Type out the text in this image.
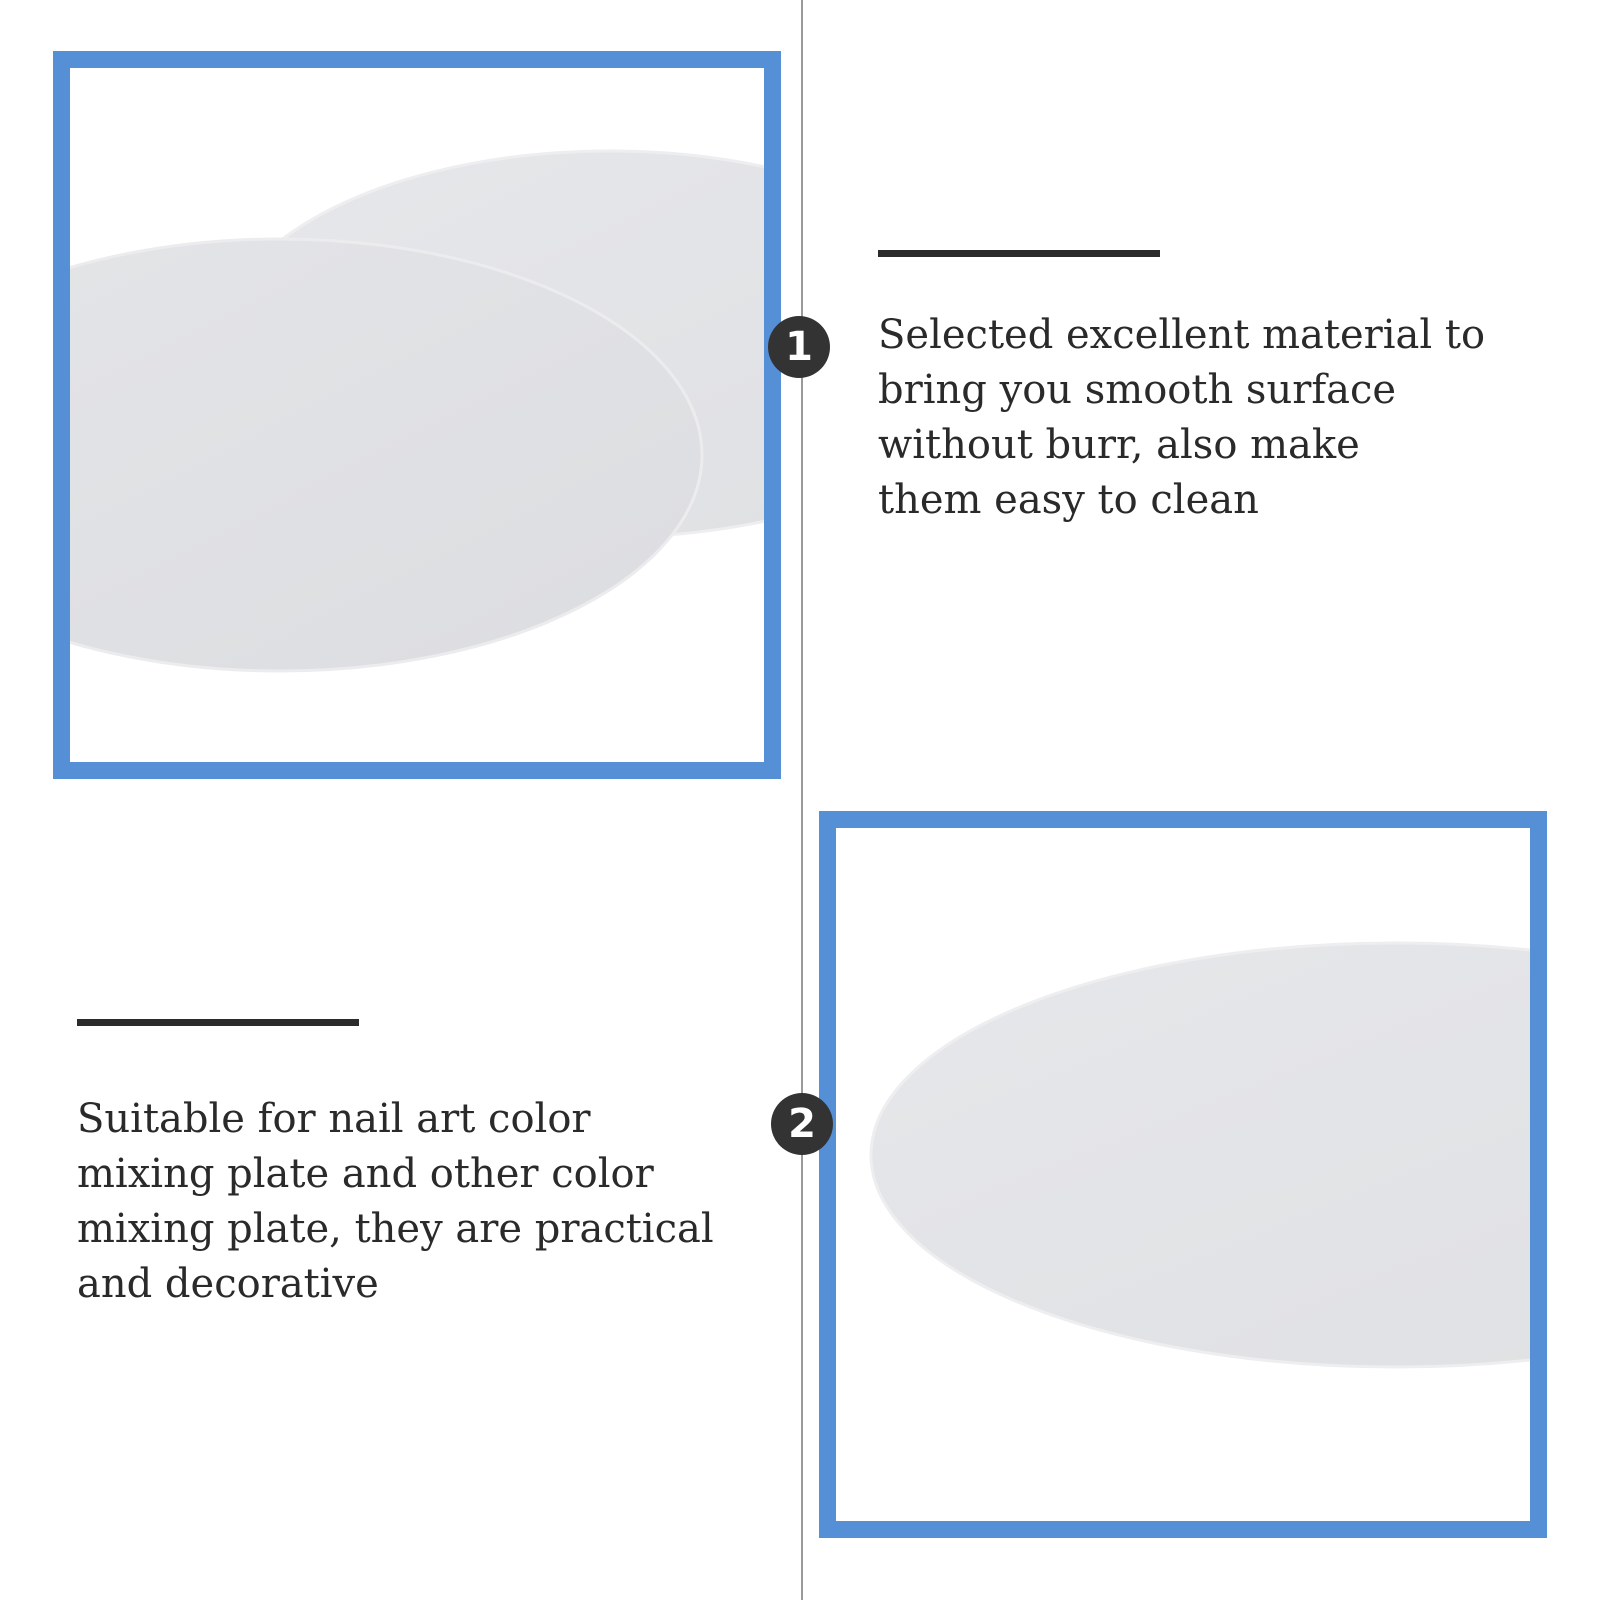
1	Selected excellent material to
bring you smooth surface
without burr, also make
them easy to clean

Suitable for nail art color
mixing plate and other color
mixing plate, they are practical
and decorative

2
